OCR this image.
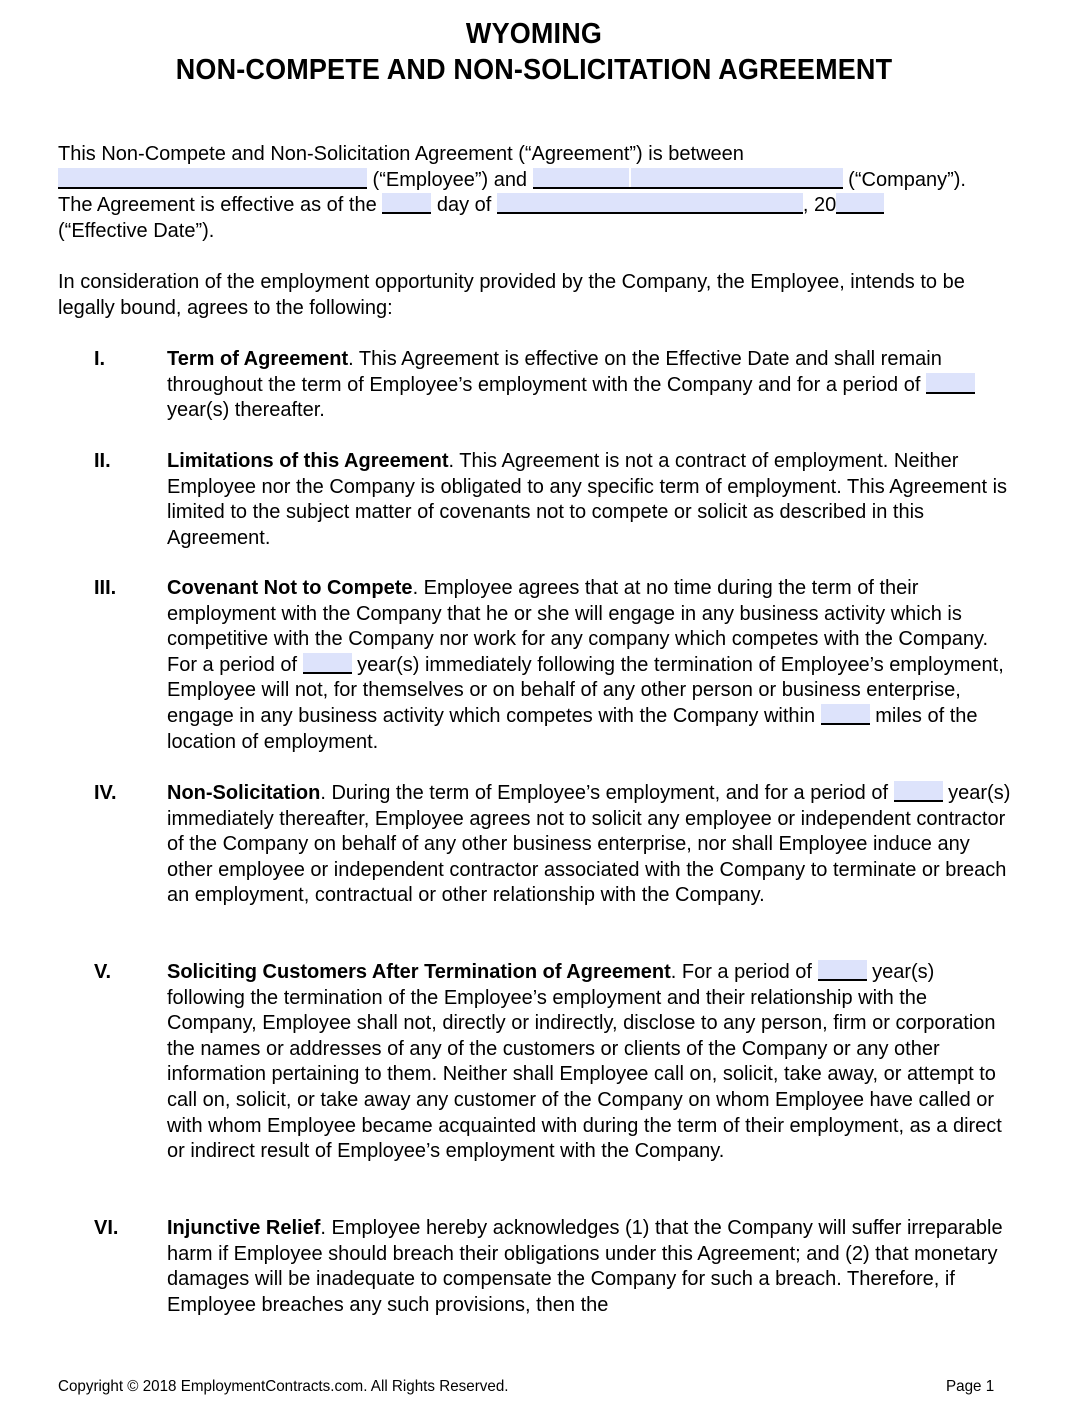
WYOMING
NON-COMPETE AND NON-SOLICITATION AGREEMENT
This Non-Compete and Non-Solicitation Agreement (“Agreement”) is between
(“Employee”) and	(“Company”).
The Agreement is effective as of the  day of	, 20
(“Effective Date”).
In consideration of the employment opportunity provided by the Company, the Employee, intends to be legally bound, agrees to the following:
I.	Term of Agreement. This Agreement is effective on the Effective Date and shall remain throughout the term of Employee’s employment with the Company and for a period of  year(s) thereafter.
II.	Limitations of this Agreement. This Agreement is not a contract of employment. Neither Employee nor the Company is obligated to any specific term of employment. This Agreement is limited to the subject matter of covenants not to compete or solicit as described in this Agreement.
III.	Covenant Not to Compete. Employee agrees that at no time during the term of their employment with the Company that he or she will engage in any business activity which is competitive with the Company nor work for any company which competes with the Company. For a period of  year(s) immediately following the termination of Employee’s employment, Employee will not, for themselves or on behalf of any other person or business enterprise, engage in any business activity which competes with the Company within  miles of the location of employment.
IV.	Non-Solicitation. During the term of Employee’s employment, and for a period of  year(s) immediately thereafter, Employee agrees not to solicit any employee or independent contractor of the Company on behalf of any other business enterprise, nor shall Employee induce any other employee or independent contractor associated with the Company to terminate or breach an employment, contractual or other relationship with the Company.
V.	Soliciting Customers After Termination of Agreement. For a period of  year(s) following the termination of the Employee’s employment and their relationship with the Company, Employee shall not, directly or indirectly, disclose to any person, firm or corporation the names or addresses of any of the customers or clients of the Company or any other information pertaining to them. Neither shall Employee call on, solicit, take away, or attempt to call on, solicit, or take away any customer of the Company on whom Employee have called or with whom Employee became acquainted with during the term of their employment, as a direct or indirect result of Employee’s employment with the Company.
VI. Injunctive Relief. Employee hereby acknowledges (1) that the Company will suffer irreparable harm if Employee should breach their obligations under this Agreement; and (2) that monetary damages will be inadequate to compensate the Company for such a breach. Therefore, if Employee breaches any such provisions, then the
Copyright © 2018 EmploymentContracts.com. All Rights Reserved.	Page 1
